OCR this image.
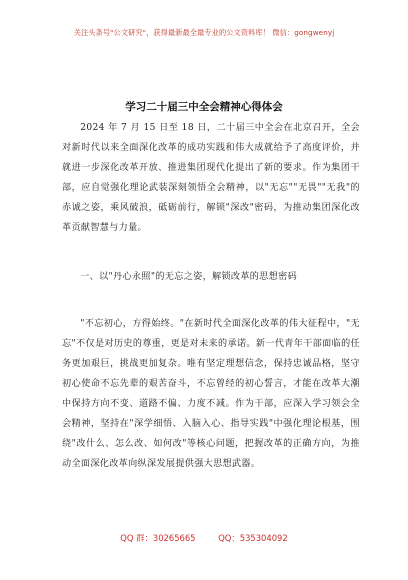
关注头条号"公文研究"，获得最新最全最专业的公文资料库！ 微信：gongwenyj
学习二十届三中全会精神心得体会
2024 年 7 月 15 日至 18 日，二十届三中全会在北京召开，全会对新时代以来全面深化改革的成功实践和伟大成就给予了高度评价，并就进一步深化改革开放、推进集团现代化提出了新的要求。作为集团干部，应自觉强化理论武装深刻领悟全会精神，以"无忘""无畏""无我"的赤诚之姿，乘风破浪，砥砺前行，解锁"深改"密码，为推动集团深化改革贡献智慧与力量。
一、以"丹心永照"的无忘之姿，解锁改革的思想密码
"不忘初心，方得始终。"在新时代全面深化改革的伟大征程中，"无忘"不仅是对历史的尊重，更是对未来的承诺。新一代青年干部面临的任务更加艰巨，挑战更加复杂。唯有坚定理想信念，保持忠诚品格，坚守初心使命不忘先辈的艰苦奋斗，不忘曾经的初心誓言，才能在改革大潮中保持方向不变、道路不偏、力度不减。作为干部，应深入学习领会全会精神，坚持在"深学细悟、入脑入心、指导实践"中强化理论根基，围绕"改什么、怎么改、如何改"等核心问题，把握改革的正确方向，为推动全面深化改革向纵深发展提供强大思想武器。
QQ 群：30265665	QQ：535304092
